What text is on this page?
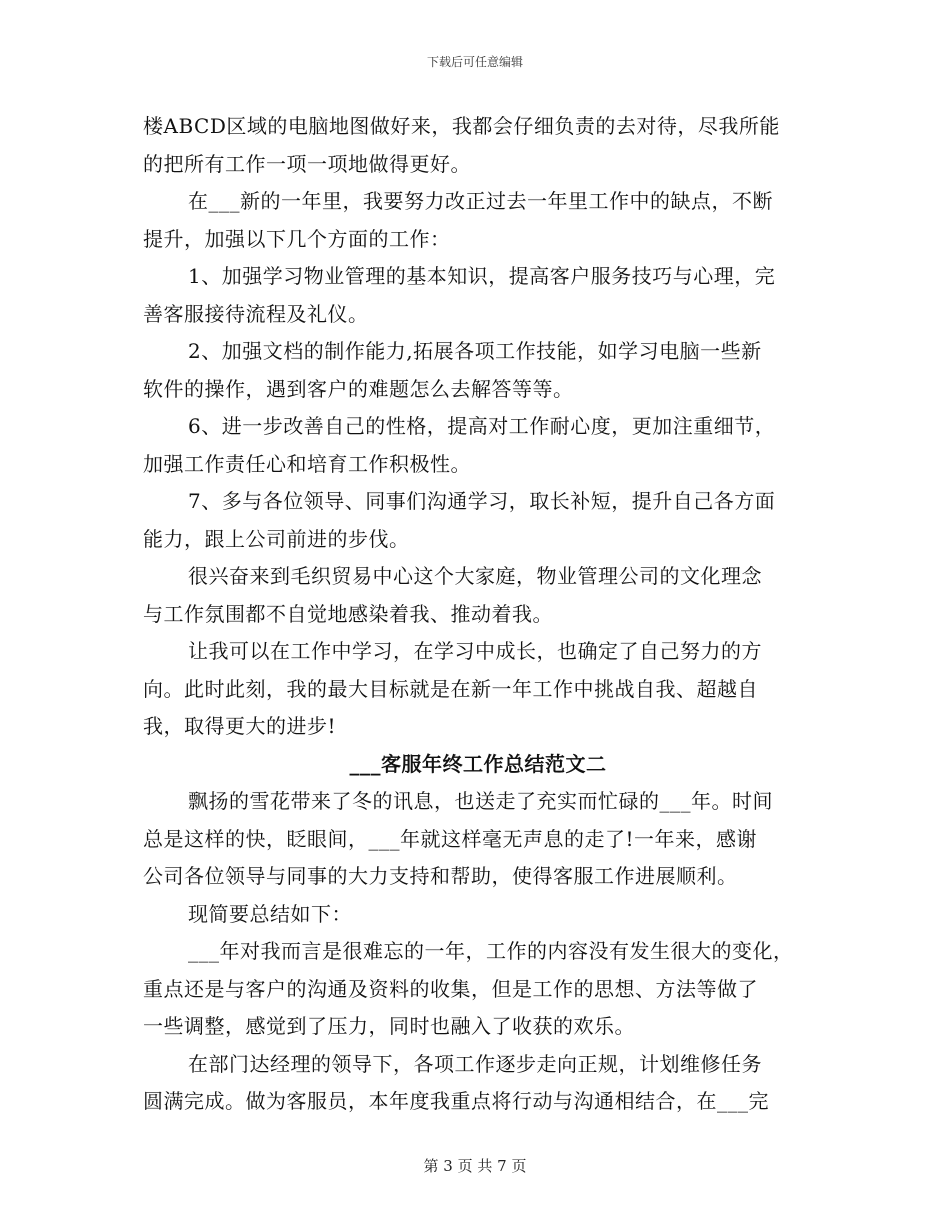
下载后可任意编辑
楼ABCD区域的电脑地图做好来，我都会仔细负责的去对待，尽我所能
的把所有工作一项一项地做得更好。
在___新的一年里，我要努力改正过去一年里工作中的缺点，不断
提升，加强以下几个方面的工作：
1、加强学习物业管理的基本知识，提高客户服务技巧与心理，完
善客服接待流程及礼仪。
2、加强文档的制作能力,拓展各项工作技能，如学习电脑一些新
软件的操作，遇到客户的难题怎么去解答等等。
6、进一步改善自己的性格，提高对工作耐心度，更加注重细节，
加强工作责任心和培育工作积极性。
7、多与各位领导、同事们沟通学习，取长补短，提升自己各方面
能力，跟上公司前进的步伐。
很兴奋来到毛织贸易中心这个大家庭，物业管理公司的文化理念
与工作氛围都不自觉地感染着我、推动着我。
让我可以在工作中学习，在学习中成长，也确定了自己努力的方
向。此时此刻，我的最大目标就是在新一年工作中挑战自我、超越自
我，取得更大的进步!
___客服年终工作总结范文二
飘扬的雪花带来了冬的讯息，也送走了充实而忙碌的___年。时间
总是这样的快，眨眼间，___年就这样毫无声息的走了!一年来，感谢
公司各位领导与同事的大力支持和帮助，使得客服工作进展顺利。
现简要总结如下：
___年对我而言是很难忘的一年，工作的内容没有发生很大的变化，
重点还是与客户的沟通及资料的收集，但是工作的思想、方法等做了
一些调整，感觉到了压力，同时也融入了收获的欢乐。
在部门达经理的领导下，各项工作逐步走向正规，计划维修任务
圆满完成。做为客服员，本年度我重点将行动与沟通相结合，在___完
第 3 页 共 7 页
